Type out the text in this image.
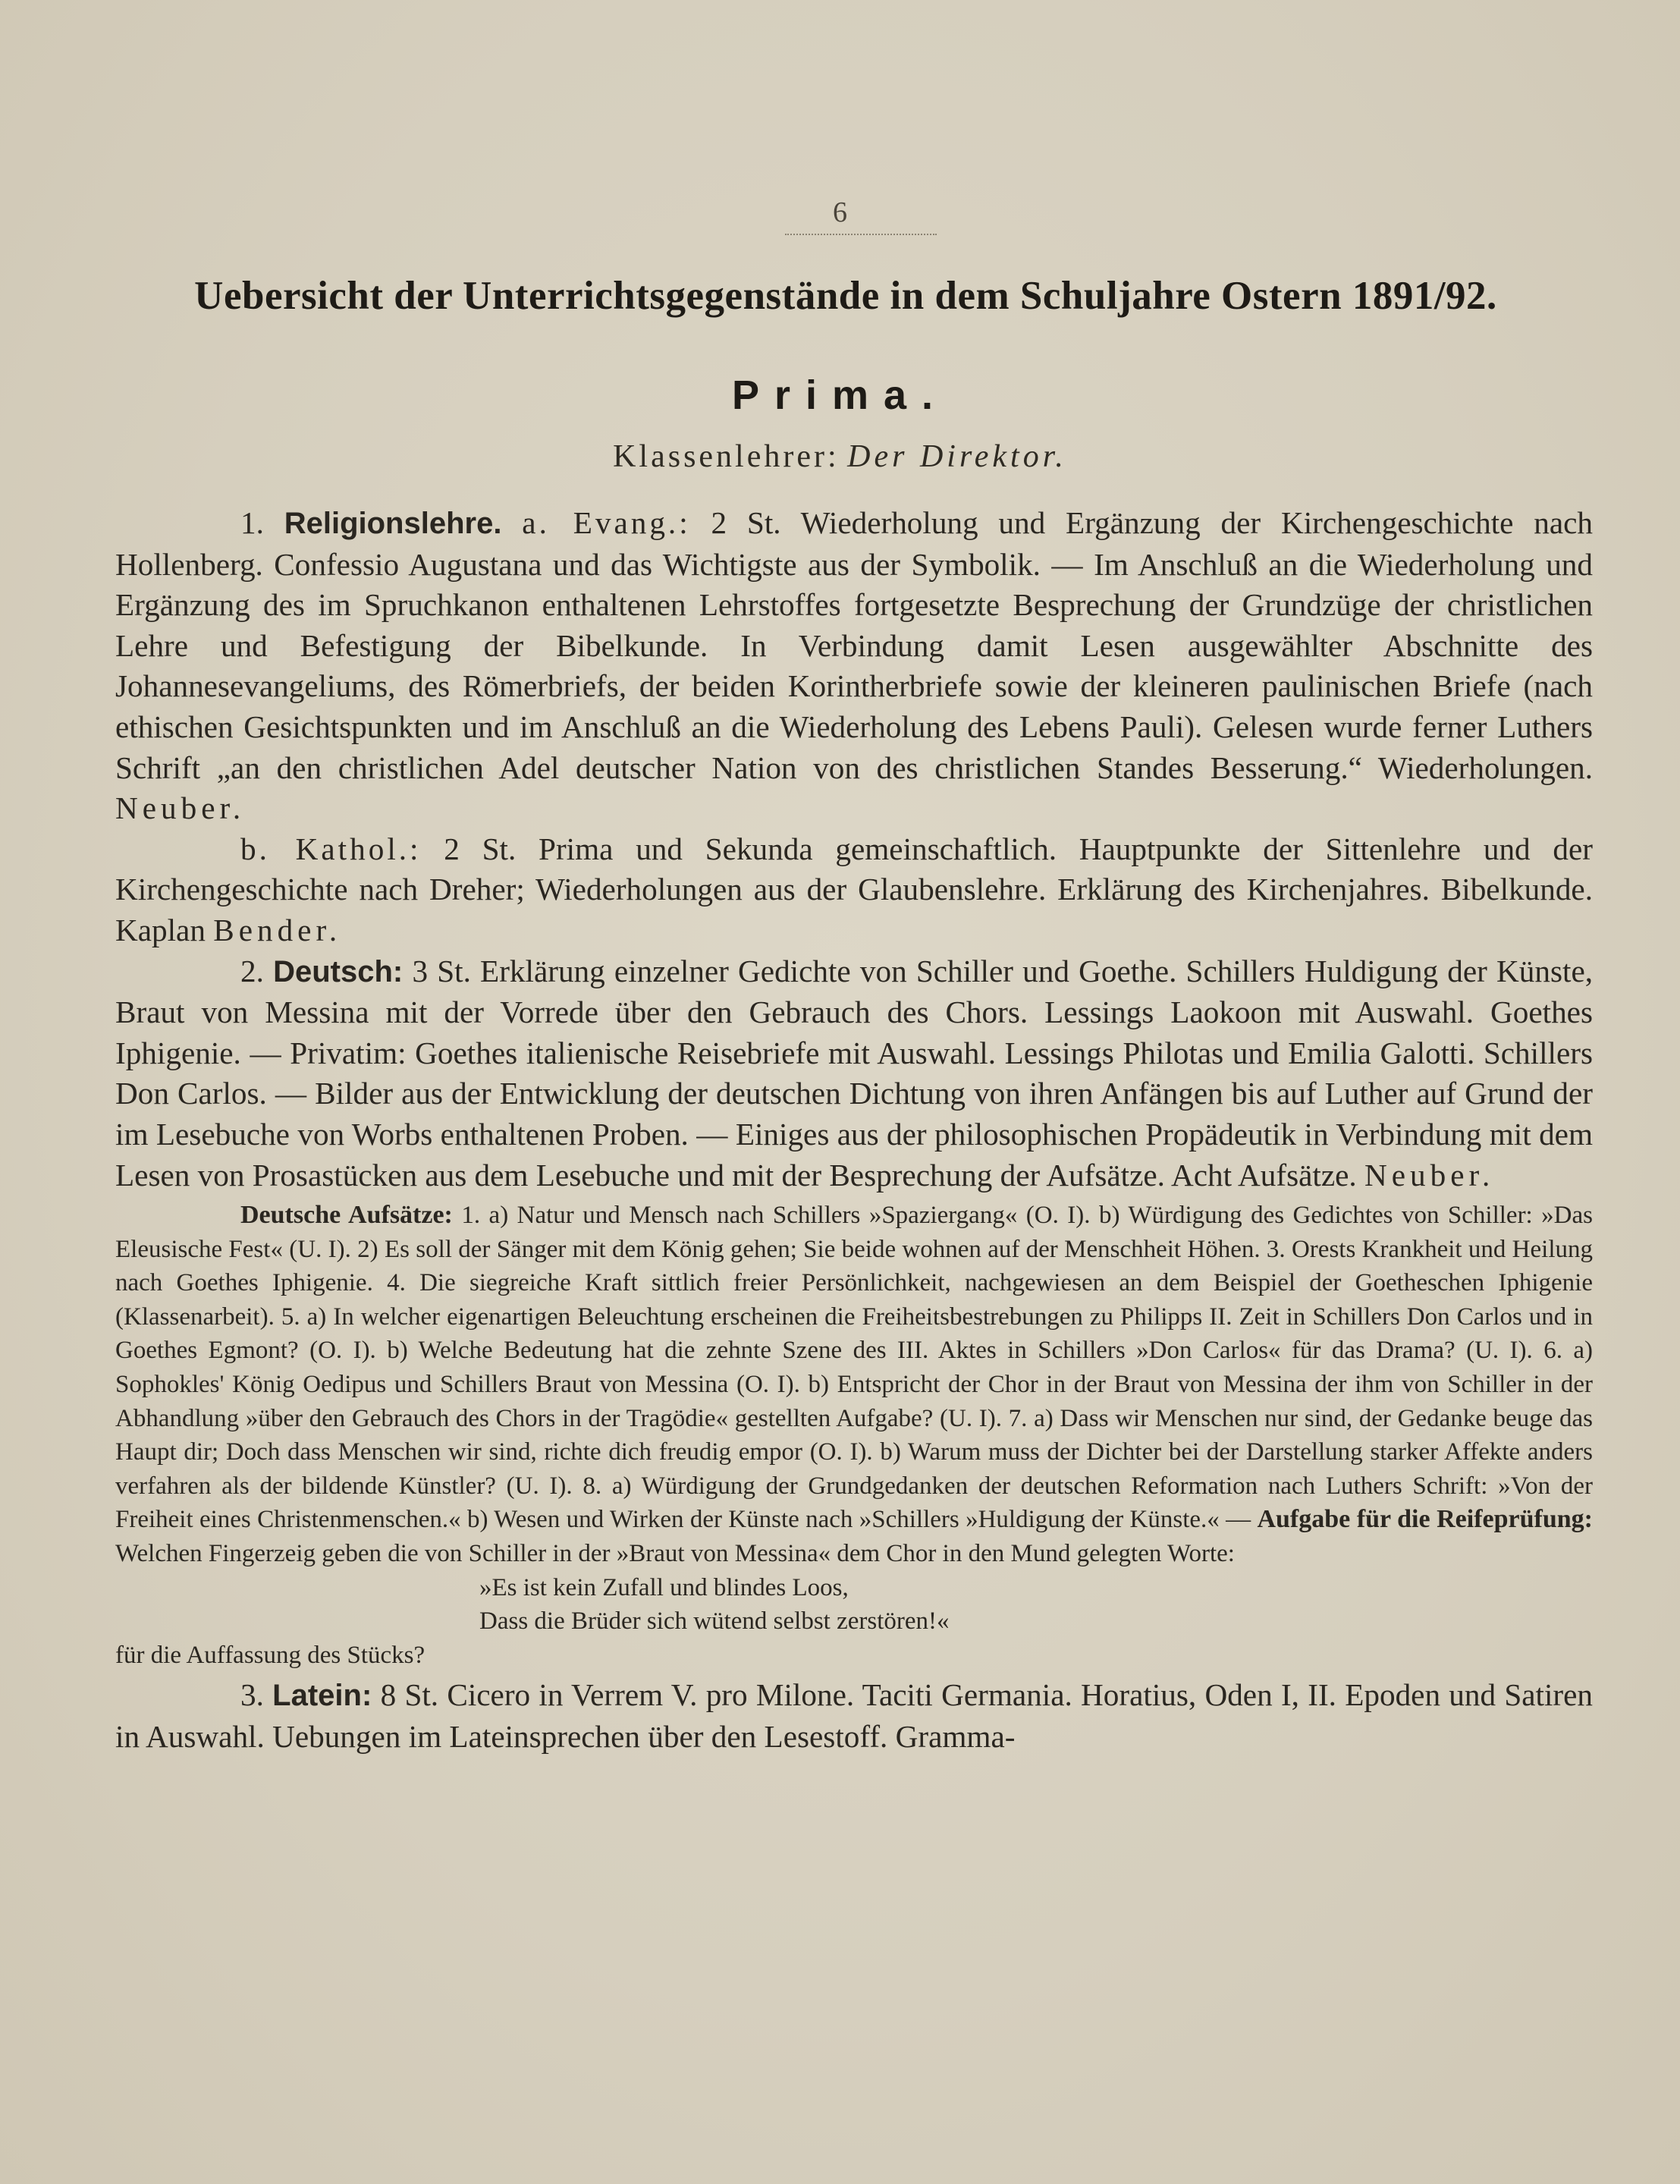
6
Uebersicht der Unterrichtsgegenstände in dem Schuljahre Ostern 1891/92.
Prima.
Klassenlehrer: Der Direktor.

1. Religionslehre. a. Evang.: 2 St. Wiederholung und Ergänzung der Kirchengeschichte nach Hollenberg. Confessio Augustana und das Wichtigste aus der Symbolik. — Im Anschluß an die Wiederholung und Ergänzung des im Spruchkanon enthaltenen Lehrstoffes fortgesetzte Besprechung der Grundzüge der christlichen Lehre und Befestigung der Bibelkunde. In Verbindung damit Lesen ausgewählter Abschnitte des Johannesevangeliums, des Römerbriefs, der beiden Korintherbriefe sowie der kleineren paulinischen Briefe (nach ethischen Gesichtspunkten und im Anschluß an die Wiederholung des Lebens Pauli). Gelesen wurde ferner Luthers Schrift „an den christlichen Adel deutscher Nation von des christlichen Standes Besserung.“ Wiederholungen. Neuber.

b. Kathol.: 2 St. Prima und Sekunda gemeinschaftlich. Hauptpunkte der Sittenlehre und der Kirchengeschichte nach Dreher; Wiederholungen aus der Glaubenslehre. Erklärung des Kirchenjahres. Bibelkunde. Kaplan Bender.

2. Deutsch: 3 St. Erklärung einzelner Gedichte von Schiller und Goethe. Schillers Huldigung der Künste, Braut von Messina mit der Vorrede über den Gebrauch des Chors. Lessings Laokoon mit Auswahl. Goethes Iphigenie. — Privatim: Goethes italienische Reisebriefe mit Auswahl. Lessings Philotas und Emilia Galotti. Schillers Don Carlos. — Bilder aus der Entwicklung der deutschen Dichtung von ihren Anfängen bis auf Luther auf Grund der im Lesebuche von Worbs enthaltenen Proben. — Einiges aus der philosophischen Propädeutik in Verbindung mit dem Lesen von Prosastücken aus dem Lesebuche und mit der Besprechung der Aufsätze. Acht Aufsätze. Neuber.

Deutsche Aufsätze: 1. a) Natur und Mensch nach Schillers »Spaziergang« (O. I). b) Würdigung des Gedichtes von Schiller: »Das Eleusische Fest« (U. I). 2) Es soll der Sänger mit dem König gehen; Sie beide wohnen auf der Menschheit Höhen. 3. Orests Krankheit und Heilung nach Goethes Iphigenie. 4. Die siegreiche Kraft sittlich freier Persönlichkeit, nachgewiesen an dem Beispiel der Goetheschen Iphigenie (Klassenarbeit). 5. a) In welcher eigenartigen Beleuchtung erscheinen die Freiheitsbestrebungen zu Philipps II. Zeit in Schillers Don Carlos und in Goethes Egmont? (O. I). b) Welche Bedeutung hat die zehnte Szene des III. Aktes in Schillers »Don Carlos« für das Drama? (U. I). 6. a) Sophokles' König Oedipus und Schillers Braut von Messina (O. I). b) Entspricht der Chor in der Braut von Messina der ihm von Schiller in der Abhandlung »über den Gebrauch des Chors in der Tragödie« gestellten Aufgabe? (U. I). 7. a) Dass wir Menschen nur sind, der Gedanke beuge das Haupt dir; Doch dass Menschen wir sind, richte dich freudig empor (O. I). b) Warum muss der Dichter bei der Darstellung starker Affekte anders verfahren als der bildende Künstler? (U. I). 8. a) Würdigung der Grundgedanken der deutschen Reformation nach Luthers Schrift: »Von der Freiheit eines Christenmenschen.« b) Wesen und Wirken der Künste nach »Schillers »Huldigung der Künste.« — Aufgabe für die Reifeprüfung: Welchen Fingerzeig geben die von Schiller in der »Braut von Messina« dem Chor in den Mund gelegten Worte:

»Es ist kein Zufall und blindes Loos,

Dass die Brüder sich wütend selbst zerstören!«

für die Auffassung des Stücks?

3. Latein: 8 St. Cicero in Verrem V. pro Milone. Taciti Germania. Horatius, Oden I, II. Epoden und Satiren in Auswahl. Uebungen im Lateinsprechen über den Lesestoff. Gramma-
